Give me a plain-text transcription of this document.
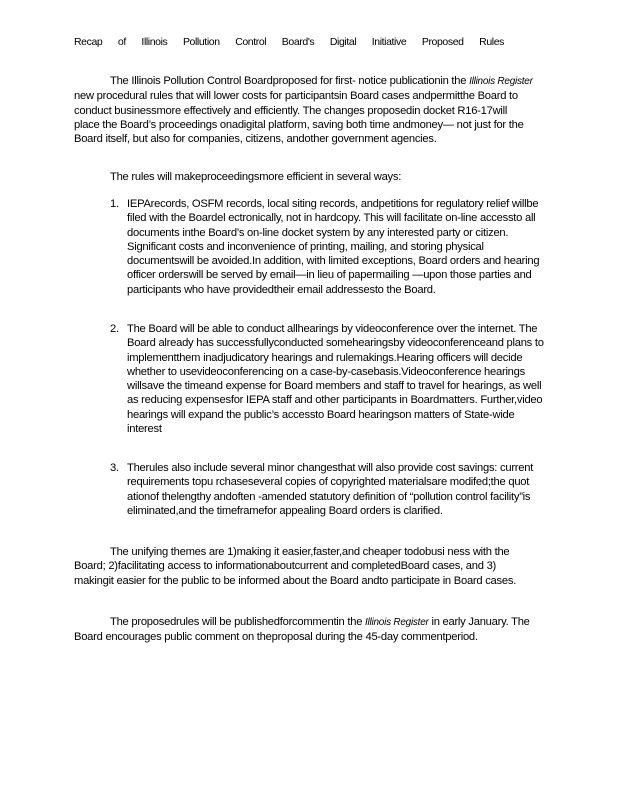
Recap of Illinois Pollution Control Board's Digital Initiative Proposed Rules

The Illinois Pollution Control Boardproposed for first- notice publicationin the Illinois Register new procedural rules that will lower costs for participantsin Board cases andpermitthe Board to conduct businessmore effectively and efficiently. The changes proposedin docket R16-17will place the Board’s proceedings onadigital platform, saving both time andmoney— not just for the Board itself, but also for companies, citizens, andother government agencies.

The rules will makeproceedingsmore efficient in several ways:
1. IEPArecords, OSFM records, local siting records, andpetitions for regulatory relief willbe filed with the Boardel ectronically, not in hardcopy. This will facilitate on-line accessto all documents inthe Board’s on-line docket system by any interested party or citizen. Significant costs and inconvenience of printing, mailing, and storing physical documentswill be avoided.In addition, with limited exceptions, Board orders and hearing officer orderswill be served by email—in lieu of papermailing —upon those parties and participants who have providedtheir email addressesto the Board.
2. The Board will be able to conduct allhearings by videoconference over the internet. The Board already has successfullyconducted somehearingsby videoconferenceand plans to implementthem inadjudicatory hearings and rulemakings.Hearing officers will decide whether to usevideoconferencing on a case-by-casebasis.Videoconference hearings willsave the timeand expense for Board members and staff to travel for hearings, as well as reducing expensesfor IEPA staff and other participants in Boardmatters. Further,video hearings will expand the public’s accessto Board hearingson matters of State-wide interest
3. Therules also include several minor changesthat will also provide cost savings: current requirements topu rchaseseveral copies of copyrighted materialsare modifed;the quot ationof thelengthy andoften -amended statutory definition of “pollution control facility”is eliminated,and the timeframefor appealing Board orders is clarified.

The unifying themes are 1)making it easier,faster,and cheaper todobusi ness with the Board; 2)facilitating access to informationaboutcurrent and completedBoard cases, and 3) makingit easier for the public to be informed about the Board andto participate in Board cases.

The proposedrules will be publishedforcommentin the Illinois Register in early January. The Board encourages public comment on theproposal during the 45-day commentperiod.
